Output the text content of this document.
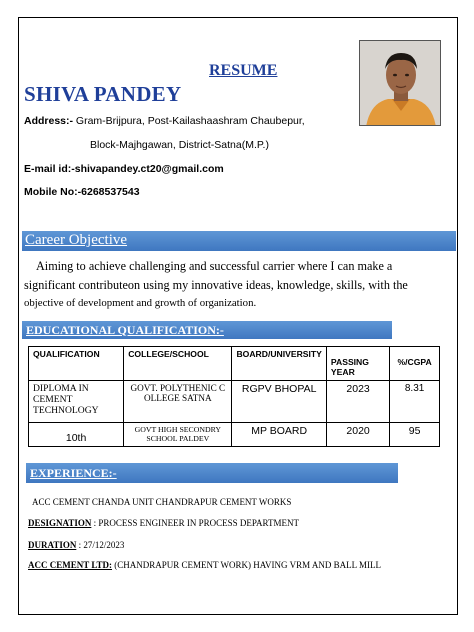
RESUME
SHIVA PANDEY
Address:- Gram-Brijpura, Post-Kailashaashram Chaubepur,
Block-Majhgawan, District-Satna(M.P.)
E-mail id:-shivapandey.ct20@gmail.com
Mobile No:-6268537543
Career Objective
Aiming to achieve challenging and successful carrier where I can make a
significant contributeon using my innovative ideas, knowledge, skills, with the
objective of development and growth of organization.
EDUCATIONAL QUALIFICATION:-
QUALIFICATION	COLLEGE/SCHOOL	BOARD/UNIVERSITY	PASSING YEAR	%/CGPA
DIPLOMA IN CEMENT TECHNOLOGY	GOVT. POLYTHENIC C OLLEGE SATNA	RGPV BHOPAL	2023	8.31
10th	GOVT HIGH SECONDRY SCHOOL PALDEV	MP BOARD	2020	95
EXPERIENCE:-
ACC CEMENT CHANDA UNIT CHANDRAPUR CEMENT WORKS
DESIGNATION : PROCESS ENGINEER IN PROCESS DEPARTMENT
DURATION : 27/12/2023
ACC CEMENT LTD: (CHANDRAPUR CEMENT WORK) HAVING VRM AND BALL MILL
